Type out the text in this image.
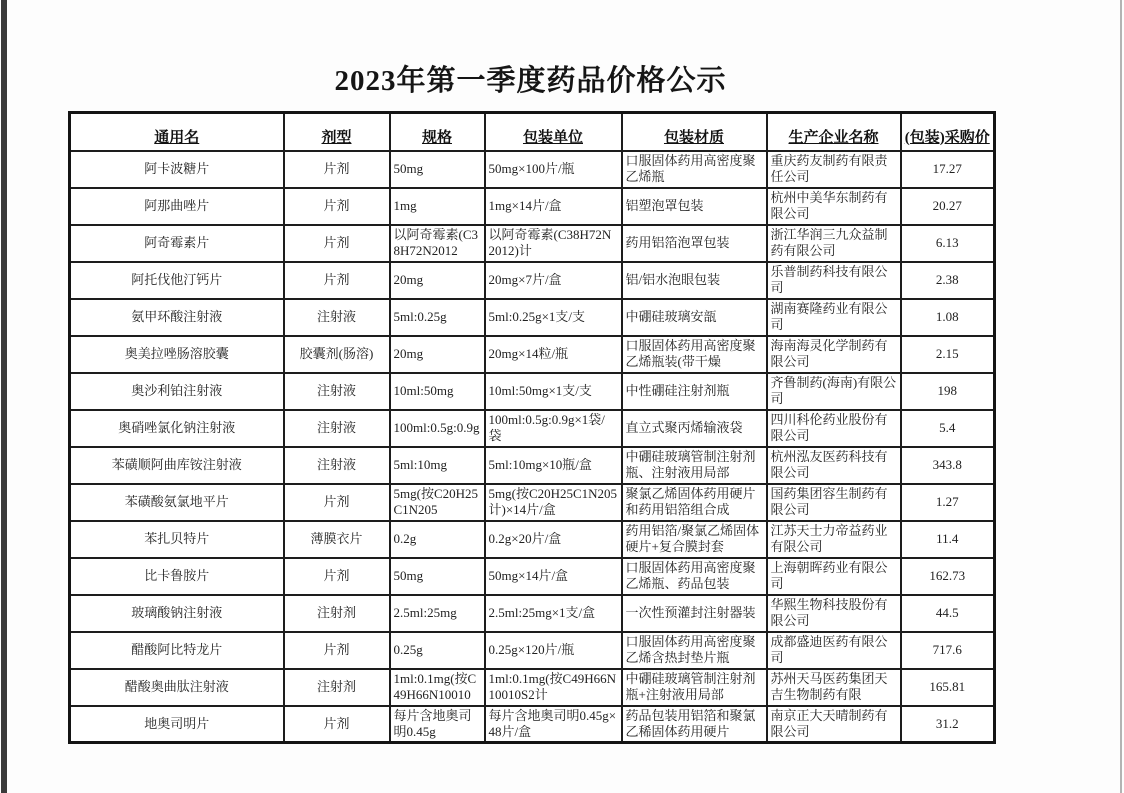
2023年第一季度药品价格公示
通用名	剂型	规格	包装单位	包装材质	生产企业名称	(包装)采购价
阿卡波糖片	片剂	50mg	50mg×100片/瓶	口服固体药用高密度聚乙烯瓶	重庆药友制药有限责任公司	17.27
阿那曲唑片	片剂	1mg	1mg×14片/盒	铝塑泡罩包装	杭州中美华东制药有限公司	20.27
阿奇霉素片	片剂	以阿奇霉素(C38H72N2012	以阿奇霉素(C38H72N2012)计	药用铝箔泡罩包装	浙江华润三九众益制药有限公司	6.13
阿托伐他汀钙片	片剂	20mg	20mg×7片/盒	铝/铝水泡眼包装	乐普制药科技有限公司	2.38
氨甲环酸注射液	注射液	5ml:0.25g	5ml:0.25g×1支/支	中硼硅玻璃安瓿	湖南赛隆药业有限公司	1.08
奥美拉唑肠溶胶囊	胶囊剂(肠溶)	20mg	20mg×14粒/瓶	口服固体药用高密度聚乙烯瓶装(带干燥	海南海灵化学制药有限公司	2.15
奥沙利铂注射液	注射液	10ml:50mg	10ml:50mg×1支/支	中性硼硅注射剂瓶	齐鲁制药(海南)有限公司	198
奥硝唑氯化钠注射液	注射液	100ml:0.5g:0.9g	100ml:0.5g:0.9g×1袋/袋	直立式聚丙烯输液袋	四川科伦药业股份有限公司	5.4
苯磺顺阿曲库铵注射液	注射液	5ml:10mg	5ml:10mg×10瓶/盒	中硼硅玻璃管制注射剂瓶、注射液用局部	杭州泓友医药科技有限公司	343.8
苯磺酸氨氯地平片	片剂	5mg(按C20H25C1N205	5mg(按C20H25C1N205计)×14片/盒	聚氯乙烯固体药用硬片和药用铝箔组合成	国药集团容生制药有限公司	1.27
苯扎贝特片	薄膜衣片	0.2g	0.2g×20片/盒	药用铝箔/聚氯乙烯固体硬片+复合膜封套	江苏天士力帝益药业有限公司	11.4
比卡鲁胺片	片剂	50mg	50mg×14片/盒	口服固体药用高密度聚乙烯瓶、药品包装	上海朝晖药业有限公司	162.73
玻璃酸钠注射液	注射剂	2.5ml:25mg	2.5ml:25mg×1支/盒	一次性预灌封注射器装	华熙生物科技股份有限公司	44.5
醋酸阿比特龙片	片剂	0.25g	0.25g×120片/瓶	口服固体药用高密度聚乙烯含热封垫片瓶	成都盛迪医药有限公司	717.6
醋酸奥曲肽注射液	注射剂	1ml:0.1mg(按C49H66N10010	1ml:0.1mg(按C49H66N10010S2计	中硼硅玻璃管制注射剂瓶+注射液用局部	苏州天马医药集团天吉生物制药有限	165.81
地奥司明片	片剂	每片含地奥司明0.45g	每片含地奥司明0.45g×48片/盒	药品包装用铝箔和聚氯乙稀固体药用硬片	南京正大天晴制药有限公司	31.2
